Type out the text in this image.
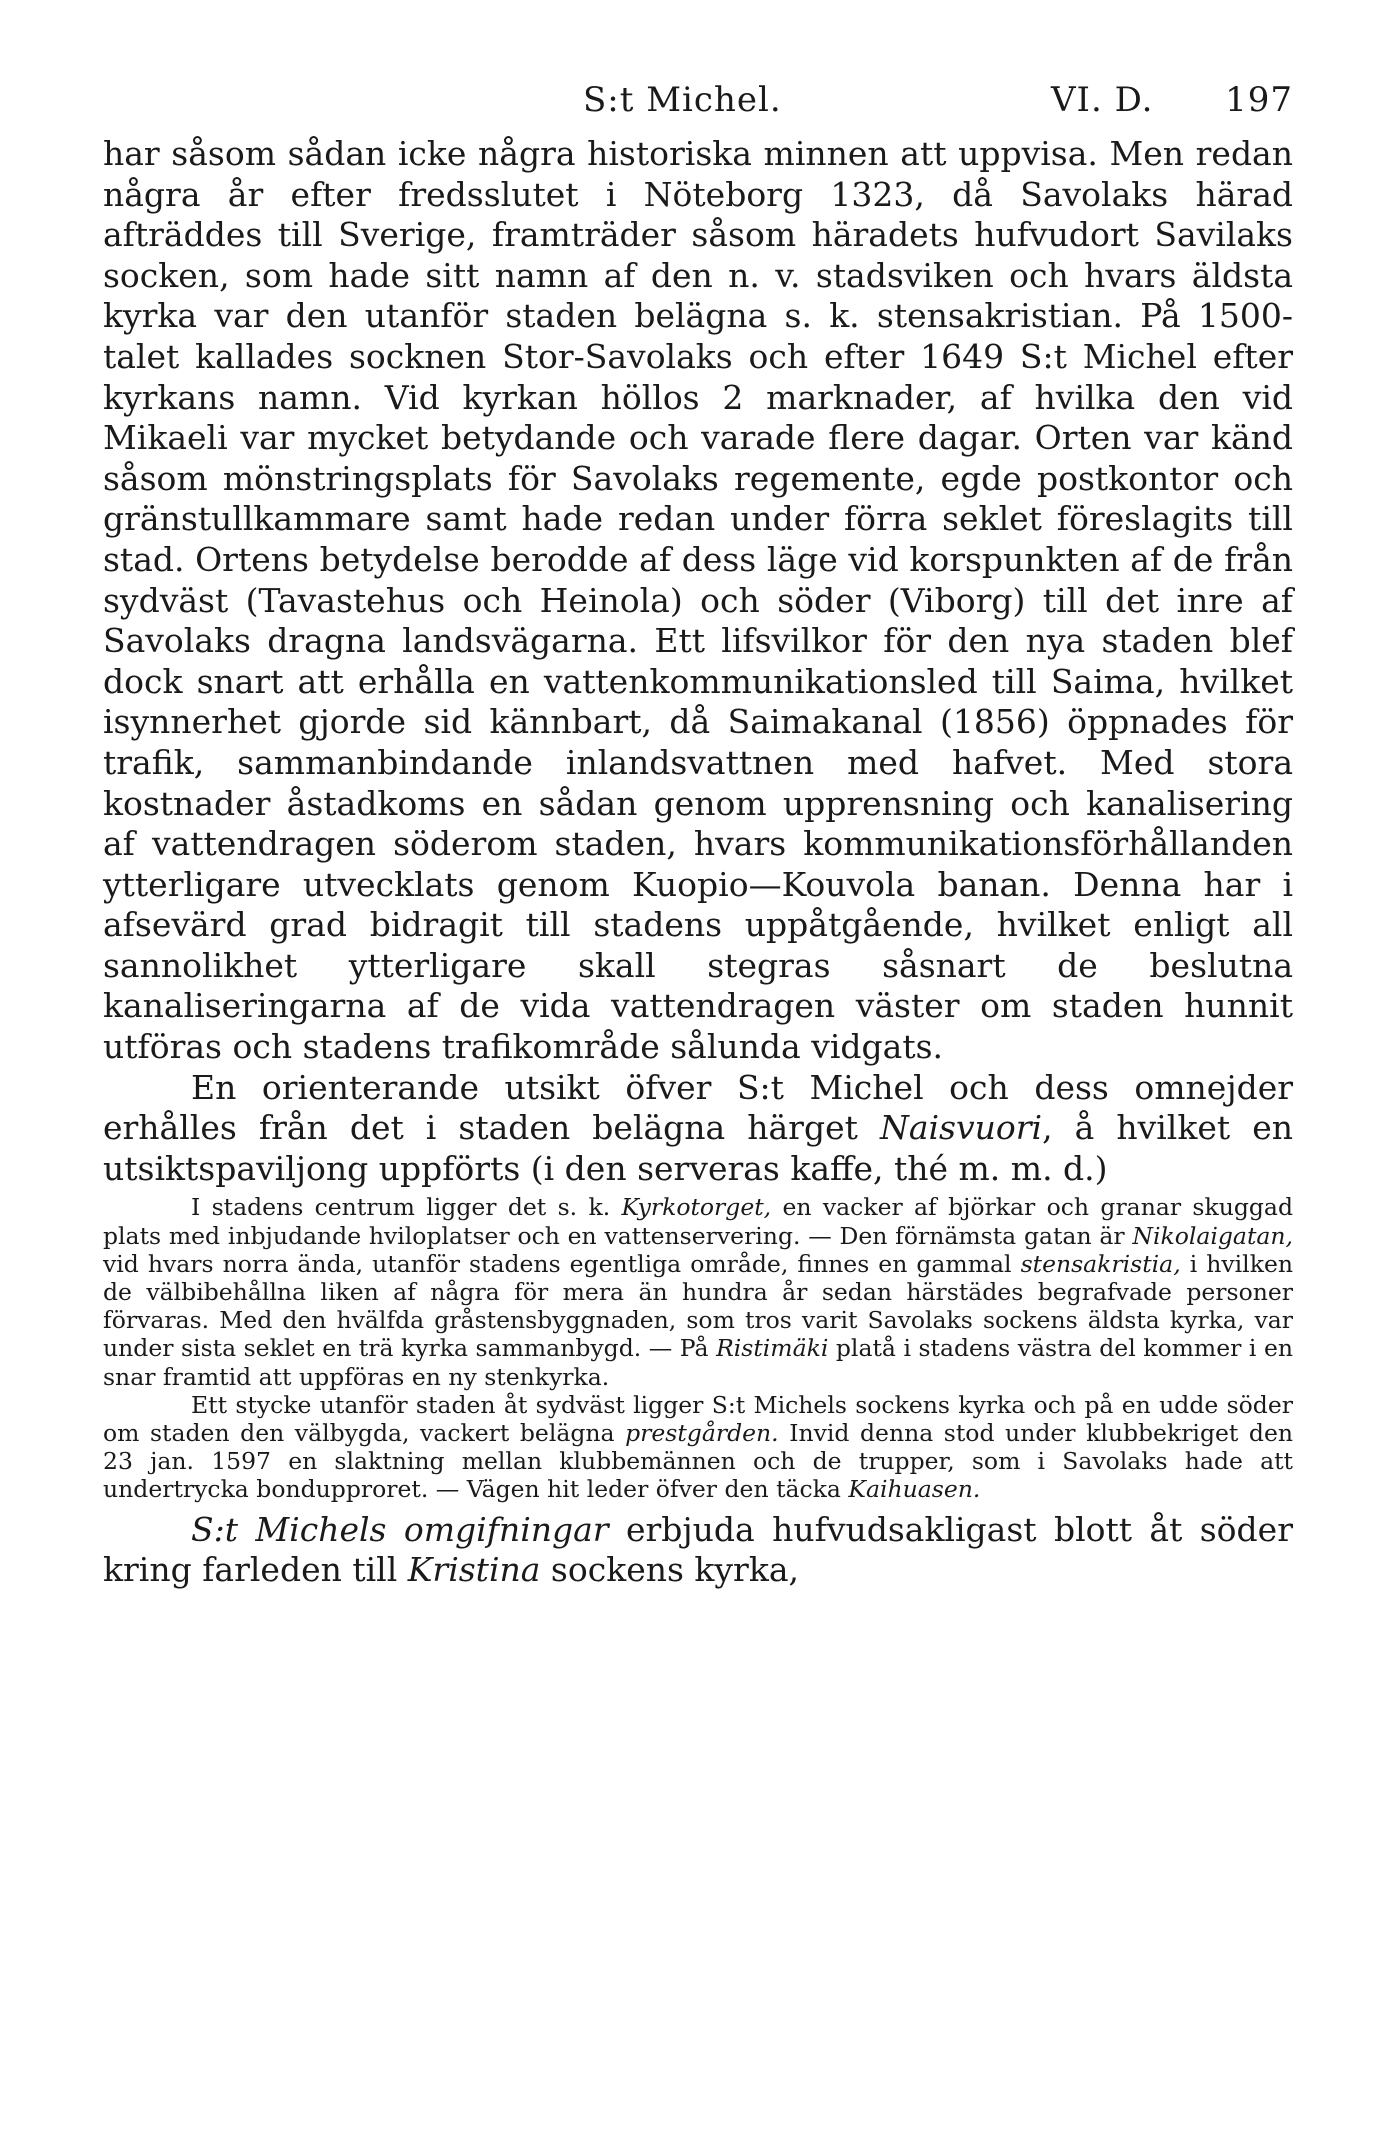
S:t Michel.	VI. D. 197

har såsom sådan icke några historiska minnen att uppvisa. Men redan några år efter fredsslutet i Nöteborg 1323, då Savolaks härad afträddes till Sverige, framträder såsom häradets hufvudort Savilaks socken, som hade sitt namn af den n. v. stadsviken och hvars äldsta kyrka var den utanför staden belägna s. k. stensakristian. På 1500-talet kallades socknen Stor-Savolaks och efter 1649 S:t Michel efter kyrkans namn. Vid kyrkan höllos 2 marknader, af hvilka den vid Mikaeli var mycket betydande och varade flere dagar. Orten var känd såsom mönstringsplats för Savolaks regemente, egde postkontor och gränstullkammare samt hade redan under förra seklet föreslagits till stad. Ortens betydelse berodde af dess läge vid korspunkten af de från sydväst (Tavastehus och Heinola) och söder (Viborg) till det inre af Savolaks dragna landsvägarna. Ett lifsvilkor för den nya staden blef dock snart att erhålla en vattenkommunikationsled till Saima, hvilket isynnerhet gjorde sid kännbart, då Saimakanal (1856) öppnades för trafik, sammanbindande inlandsvattnen med hafvet. Med stora kostnader åstadkoms en sådan genom upprensning och kanalisering af vattendragen söderom staden, hvars kommunikationsförhållanden ytterligare utvecklats genom Kuopio—Kouvola banan. Denna har i afsevärd grad bidragit till stadens uppåtgående, hvilket enligt all sannolikhet ytterligare skall stegras såsnart de beslutna kanaliseringarna af de vida vattendragen väster om staden hunnit utföras och stadens trafikområde sålunda vidgats.

En orienterande utsikt öfver S:t Michel och dess omnejder erhålles från det i staden belägna härget Naisvuori, å hvilket en utsiktspaviljong uppförts (i den serveras kaffe, thé m. m. d.)

I stadens centrum ligger det s. k. Kyrkotorget, en vacker af björkar och granar skuggad plats med inbjudande hviloplatser och en vattenservering. — Den förnämsta gatan är Nikolaigatan, vid hvars norra ända, utanför stadens egentliga område, finnes en gammal stensakristia, i hvilken de välbibehållna liken af några för mera än hundra år sedan härstädes begrafvade personer förvaras. Med den hvälfda gråstensbyggnaden, som tros varit Savolaks sockens äldsta kyrka, var under sista seklet en trä kyrka sammanbygd. — På Ristimäki platå i stadens västra del kommer i en snar framtid att uppföras en ny stenkyrka.

Ett stycke utanför staden åt sydväst ligger S:t Michels sockens kyrka och på en udde söder om staden den välbygda, vackert belägna prestgården. Invid denna stod under klubbekriget den 23 jan. 1597 en slaktning mellan klubbemännen och de trupper, som i Savolaks hade att undertrycka bondupproret. — Vägen hit leder öfver den täcka Kaihuasen.

S:t Michels omgifningar erbjuda hufvudsakligast blott åt söder kring farleden till Kristina sockens kyrka,
